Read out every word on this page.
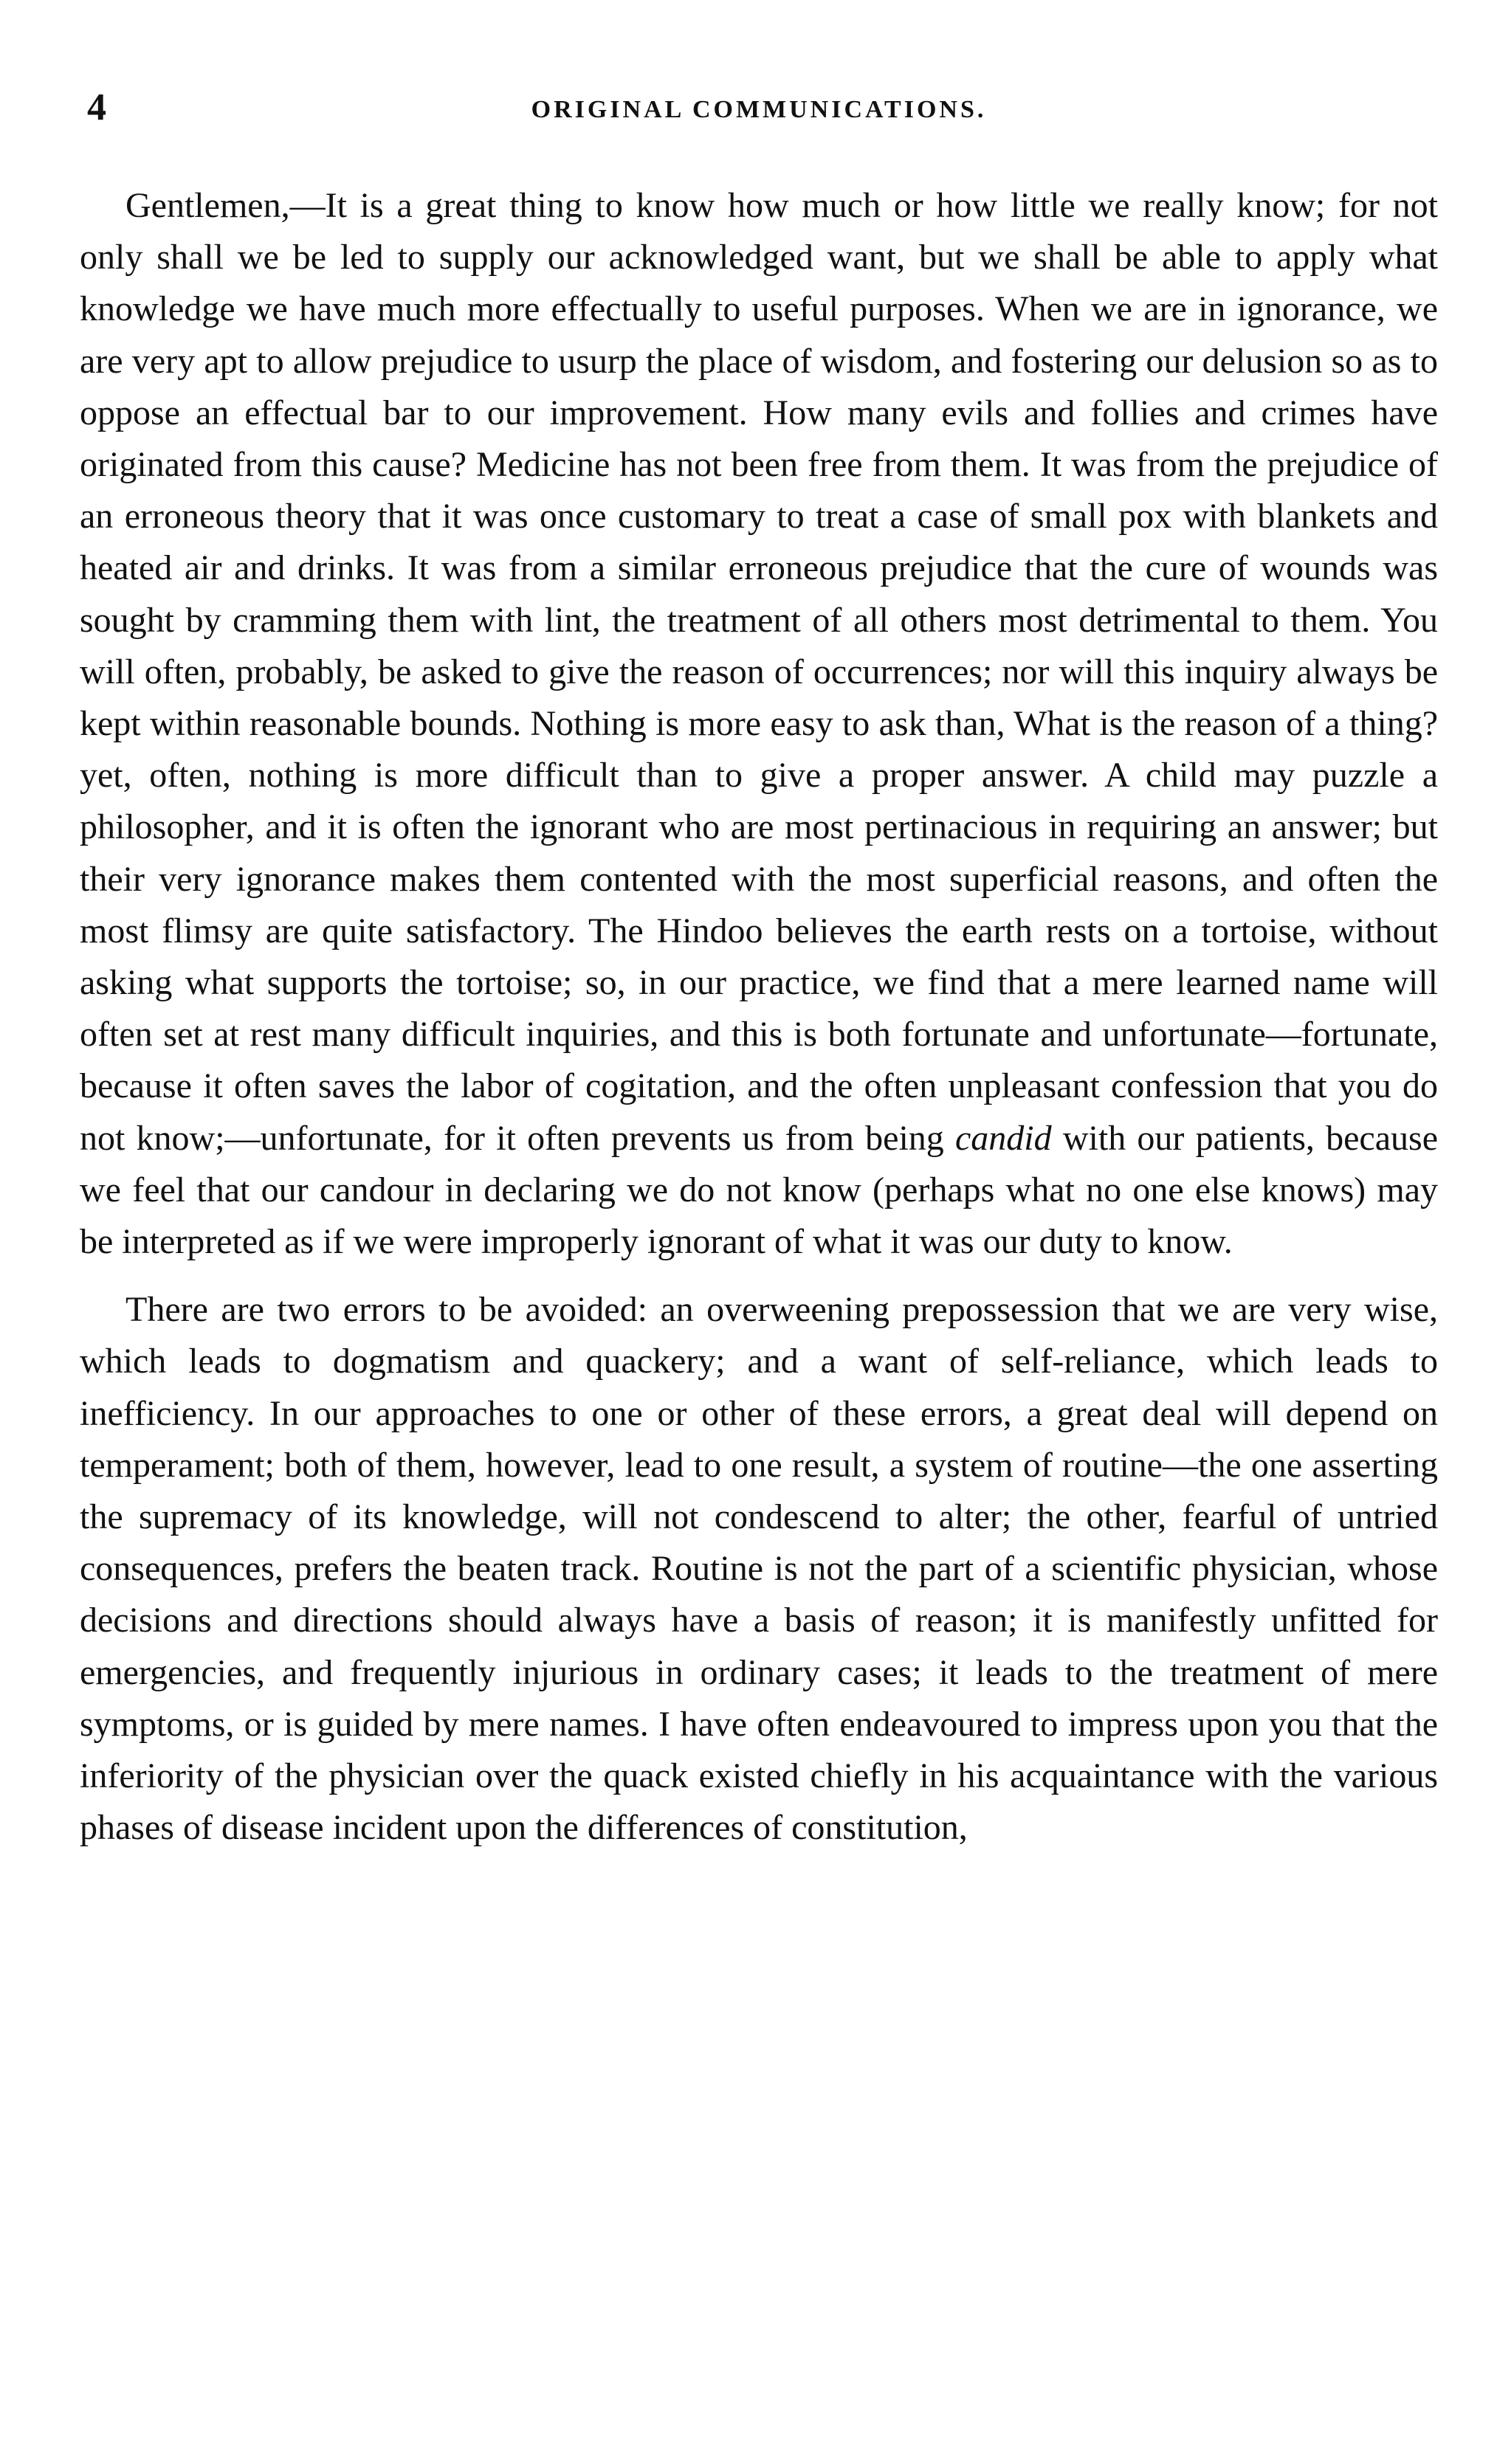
4	ORIGINAL COMMUNICATIONS.

Gentlemen,—It is a great thing to know how much or how little we really know; for not only shall we be led to supply our acknowledged want, but we shall be able to apply what knowledge we have much more effectually to useful purposes. When we are in ignorance, we are very apt to allow prejudice to usurp the place of wisdom, and fostering our delusion so as to oppose an effectual bar to our improvement. How many evils and follies and crimes have originated from this cause? Medicine has not been free from them. It was from the prejudice of an erroneous theory that it was once customary to treat a case of small pox with blankets and heated air and drinks. It was from a similar erroneous prejudice that the cure of wounds was sought by cramming them with lint, the treatment of all others most detrimental to them. You will often, probably, be asked to give the reason of occurrences; nor will this inquiry always be kept within reasonable bounds. Nothing is more easy to ask than, What is the reason of a thing? yet, often, nothing is more difficult than to give a proper answer. A child may puzzle a philosopher, and it is often the ignorant who are most pertinacious in requiring an answer; but their very ignorance makes them contented with the most superficial reasons, and often the most flimsy are quite satisfactory. The Hindoo believes the earth rests on a tortoise, without asking what supports the tortoise; so, in our practice, we find that a mere learned name will often set at rest many difficult inquiries, and this is both fortunate and unfortunate—fortunate, because it often saves the labor of cogitation, and the often unpleasant confession that you do not know;—unfortunate, for it often prevents us from being candid with our patients, because we feel that our candour in declaring we do not know (perhaps what no one else knows) may be interpreted as if we were improperly ignorant of what it was our duty to know.

There are two errors to be avoided: an overweening prepossession that we are very wise, which leads to dogmatism and quackery; and a want of self-reliance, which leads to inefficiency. In our approaches to one or other of these errors, a great deal will depend on temperament; both of them, however, lead to one result, a system of routine—the one asserting the supremacy of its knowledge, will not condescend to alter; the other, fearful of untried consequences, prefers the beaten track. Routine is not the part of a scientific physician, whose decisions and directions should always have a basis of reason; it is manifestly unfitted for emergencies, and frequently injurious in ordinary cases; it leads to the treatment of mere symptoms, or is guided by mere names. I have often endeavoured to impress upon you that the inferiority of the physician over the quack existed chiefly in his acquaintance with the various phases of disease incident upon the differences of constitution,
